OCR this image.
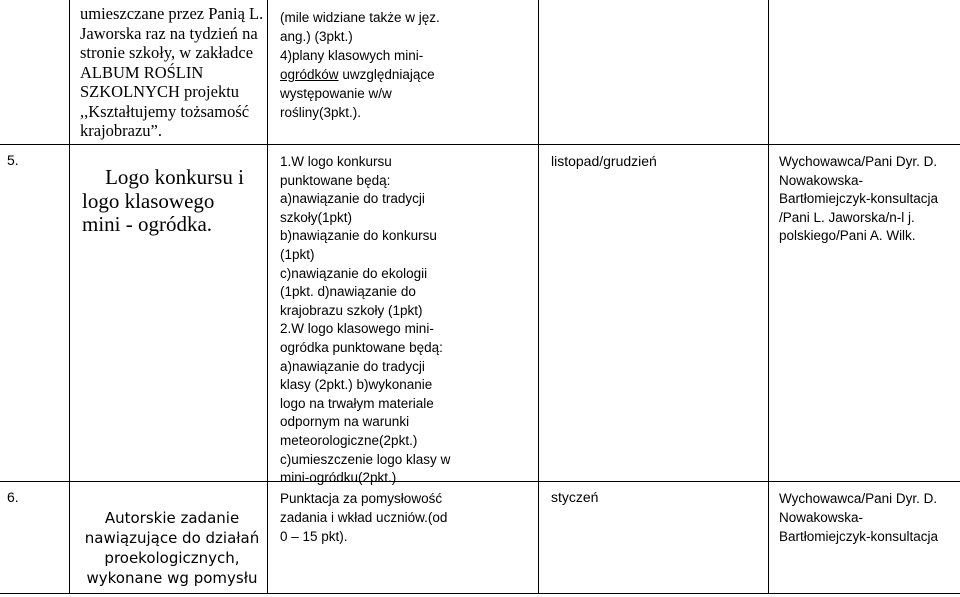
umieszczane przez Panią L.
Jaworska raz na tydzień na
stronie szkoły, w zakładce
ALBUM ROŚLIN
SZKOLNYCH projektu
,,Kształtujemy tożsamość
krajobrazu”.
(mile widziane także w jęz.
ang.) (3pkt.)
4)plany klasowych mini-
ogródków uwzględniające
występowanie w/w
rośliny(3pkt.).
5.
Logo konkursu i
logo klasowego
mini - ogródka.
1.W logo konkursu
punktowane będą:
a)nawiązanie do tradycji
szkoły(1pkt)
b)nawiązanie do konkursu
(1pkt)
c)nawiązanie do ekologii
(1pkt. d)nawiązanie do
krajobrazu szkoły (1pkt)
2.W logo klasowego mini-
ogródka punktowane będą:
a)nawiązanie do tradycji
klasy (2pkt.) b)wykonanie
logo na trwałym materiale
odpornym na warunki
meteorologiczne(2pkt.)
c)umieszczenie logo klasy w
mini-ogródku(2pkt.)
listopad/grudzień	Wychowawca/Pani Dyr. D.
Nowakowska-
Bartłomiejczyk-konsultacja
/Pani L. Jaworska/n-l j.
polskiego/Pani A. Wilk.
6.
Autorskie zadanie
nawiązujące do działań
proekologicznych,
wykonane wg pomysłu
Punktacja za pomysłowość
zadania i wkład uczniów.(od
0 – 15 pkt).
styczeń	Wychowawca/Pani Dyr. D.
Nowakowska-
Bartłomiejczyk-konsultacja
